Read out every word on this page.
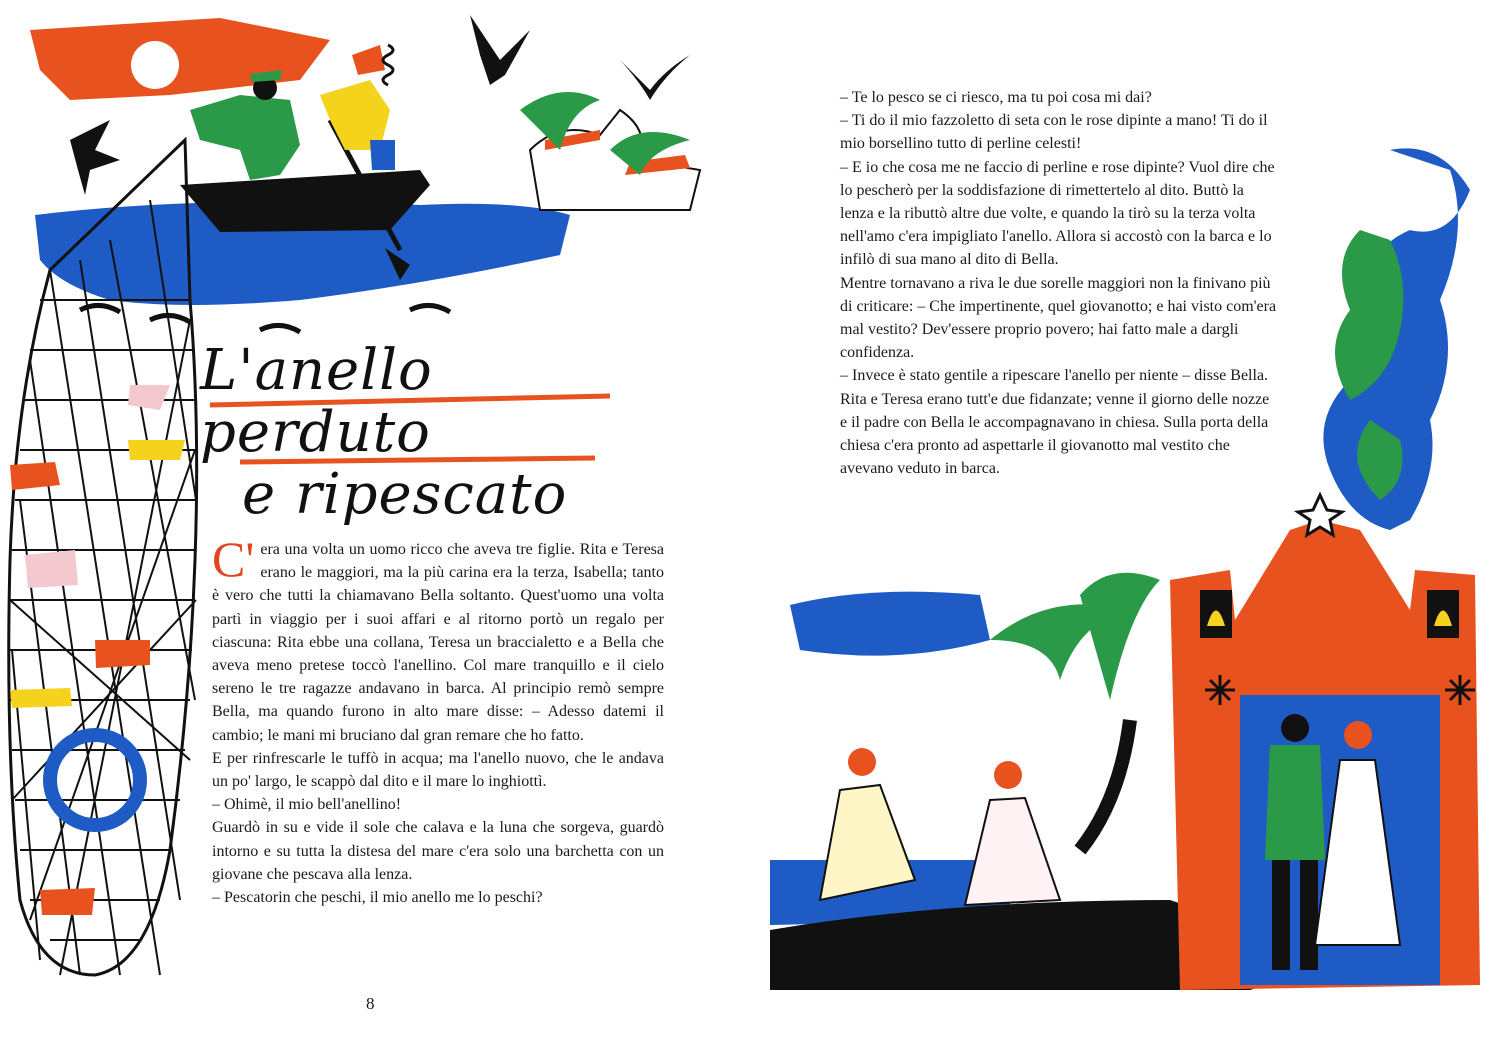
L'anello perduto
e ripescato

C' era una volta un uomo ricco che aveva tre figlie. Rita e Teresa erano le maggiori, ma la più carina era la terza, Isabella; tanto è vero che tutti la chiamavano Bella soltanto. Quest'uomo una volta partì in viaggio per i suoi affari e al ritorno portò un regalo per ciascuna: Rita ebbe una collana, Teresa un braccialetto e a Bella che aveva meno pretese toccò l'anellino. Col mare tranquillo e il cielo sereno le tre ragazze andavano in barca. Al principio remò sempre Bella, ma quando furono in alto mare disse: – Adesso datemi il cambio; le mani mi bruciano dal gran remare che ho fatto.

E per rinfrescarle le tuffò in acqua; ma l'anello nuovo, che le andava un po' largo, le scappò dal dito e il mare lo inghiottì.

– Ohimè, il mio bell'anellino!

Guardò in su e vide il sole che calava e la luna che sorgeva, guardò intorno e su tutta la distesa del mare c'era solo una barchetta con un giovane che pescava alla lenza.

– Pescatorin che peschi, il mio anello me lo peschi?

8

– Te lo pesco se ci riesco, ma tu poi cosa mi dai?

– Ti do il mio fazzoletto di seta con le rose dipinte a mano! Ti do il mio borsellino tutto di perline celesti!

– E io che cosa me ne faccio di perline e rose dipinte? Vuol dire che lo pescherò per la soddisfazione di rimettertelo al dito. Buttò la lenza e la ributtò altre due volte, e quando la tirò su la terza volta nell'amo c'era impigliato l'anello. Allora si accostò con la barca e lo infilò di sua mano al dito di Bella.

Mentre tornavano a riva le due sorelle maggiori non la finivano più di criticare: – Che impertinente, quel giovanotto; e hai visto com'era mal vestito? Dev'essere proprio povero; hai fatto male a dargli confidenza.

– Invece è stato gentile a ripescare l'anello per niente – disse Bella.

Rita e Teresa erano tutt'e due fidanzate; venne il giorno delle nozze e il padre con Bella le accompagnavano in chiesa. Sulla porta della chiesa c'era pronto ad aspettarle il giovanotto mal vestito che avevano veduto in barca.
